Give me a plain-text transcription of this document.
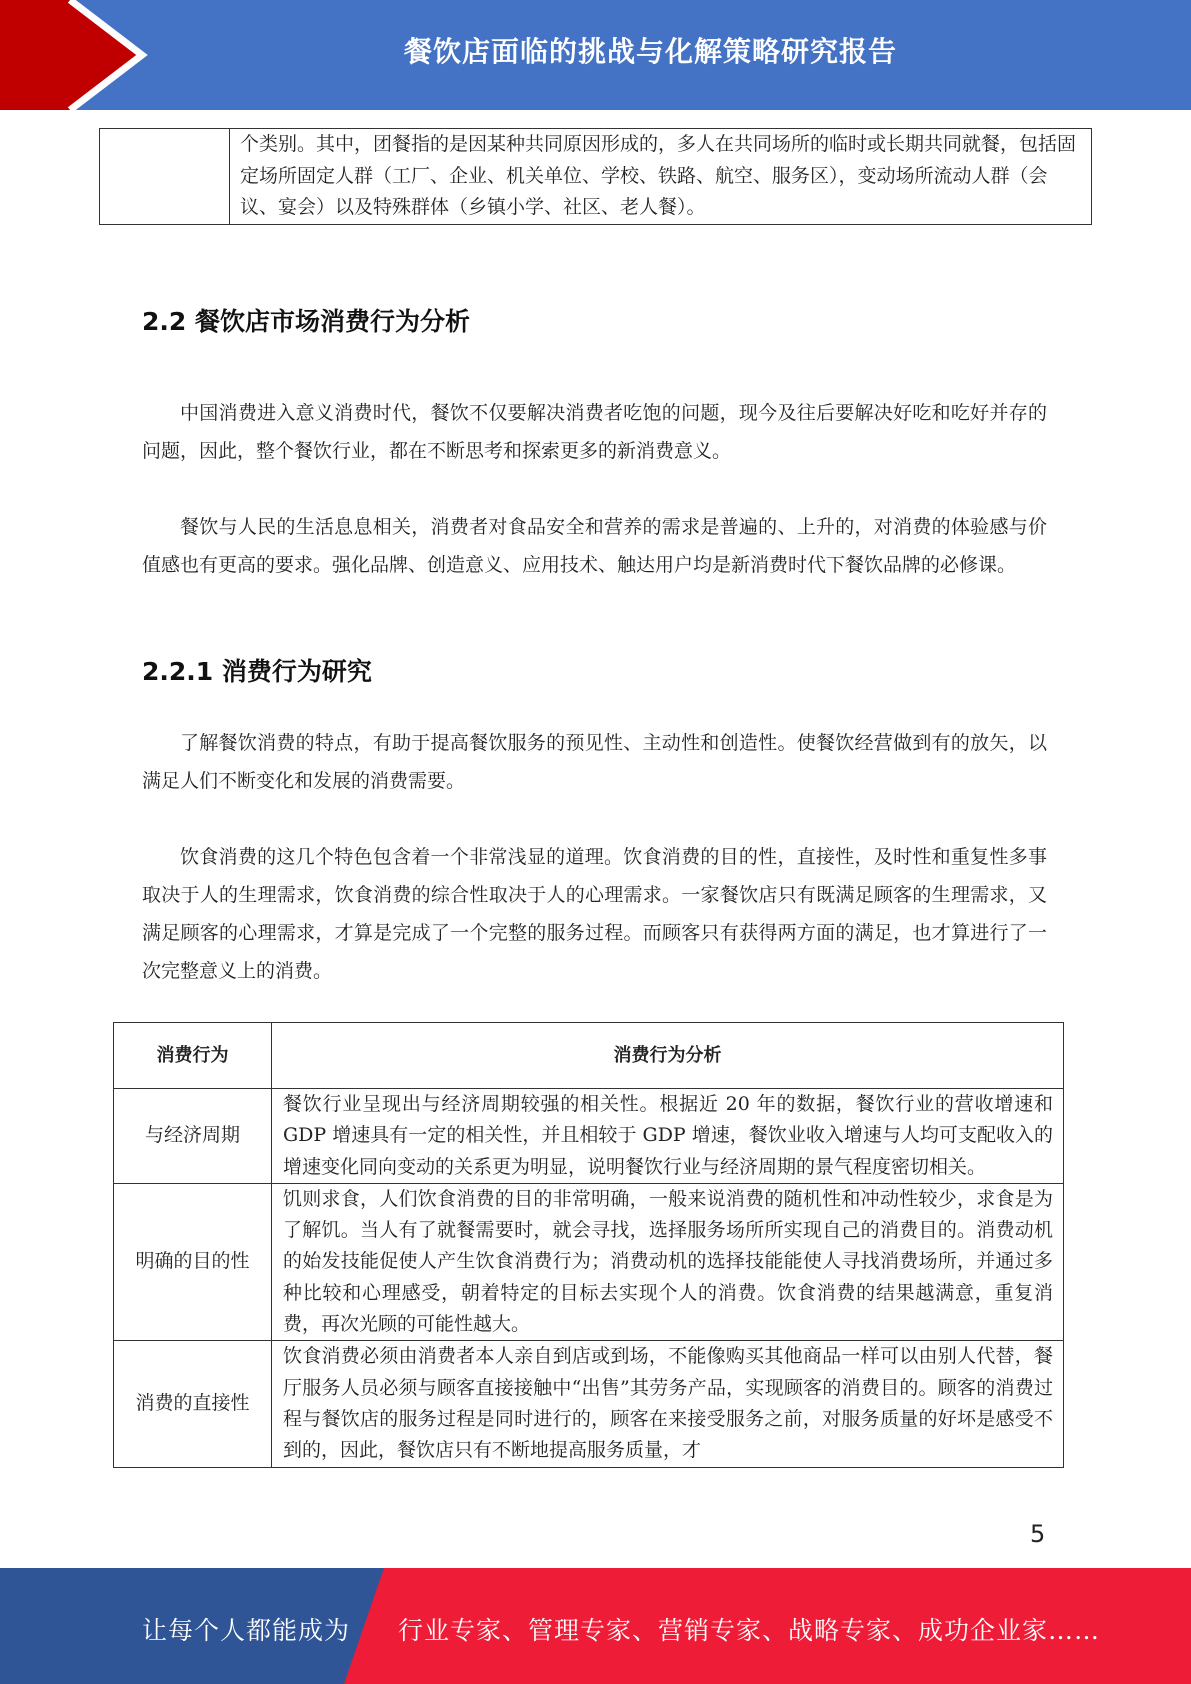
餐饮店面临的挑战与化解策略研究报告
	个类别。其中，团餐指的是因某种共同原因形成的，多人在共同场所的临时或长期共同就餐，包括固定场所固定人群（工厂、企业、机关单位、学校、铁路、航空、服务区），变动场所流动人群（会议、宴会）以及特殊群体（乡镇小学、社区、老人餐）。
2.2 餐饮店市场消费行为分析

中国消费进入意义消费时代，餐饮不仅要解决消费者吃饱的问题，现今及往后要解决好吃和吃好并存的问题，因此，整个餐饮行业，都在不断思考和探索更多的新消费意义。

餐饮与人民的生活息息相关，消费者对食品安全和营养的需求是普遍的、上升的，对消费的体验感与价值感也有更高的要求。强化品牌、创造意义、应用技术、触达用户均是新消费时代下餐饮品牌的必修课。

2.2.1 消费行为研究

了解餐饮消费的特点，有助于提高餐饮服务的预见性、主动性和创造性。使餐饮经营做到有的放矢，以满足人们不断变化和发展的消费需要。

饮食消费的这几个特色包含着一个非常浅显的道理。饮食消费的目的性，直接性，及时性和重复性多事取决于人的生理需求，饮食消费的综合性取决于人的心理需求。一家餐饮店只有既满足顾客的生理需求，又满足顾客的心理需求，才算是完成了一个完整的服务过程。而顾客只有获得两方面的满足，也才算进行了一次完整意义上的消费。

消费行为	消费行为分析
与经济周期	餐饮行业呈现出与经济周期较强的相关性。根据近 20 年的数据，餐饮行业的营收增速和 GDP 增速具有一定的相关性，并且相较于 GDP 增速，餐饮业收入增速与人均可支配收入的增速变化同向变动的关系更为明显，说明餐饮行业与经济周期的景气程度密切相关。
明确的目的性	饥则求食，人们饮食消费的目的非常明确，一般来说消费的随机性和冲动性较少，求食是为了解饥。当人有了就餐需要时，就会寻找，选择服务场所所实现自己的消费目的。消费动机的始发技能促使人产生饮食消费行为；消费动机的选择技能能使人寻找消费场所，并通过多种比较和心理感受，朝着特定的目标去实现个人的消费。饮食消费的结果越满意，重复消费，再次光顾的可能性越大。
消费的直接性	饮食消费必须由消费者本人亲自到店或到场，不能像购买其他商品一样可以由别人代替，餐厅服务人员必须与顾客直接接触中“出售”其劳务产品，实现顾客的消费目的。顾客的消费过程与餐饮店的服务过程是同时进行的，顾客在来接受服务之前，对服务质量的好坏是感受不到的，因此，餐饮店只有不断地提高服务质量，才
5
让每个人都能成为 行业专家、管理专家、营销专家、战略专家、成功企业家……
